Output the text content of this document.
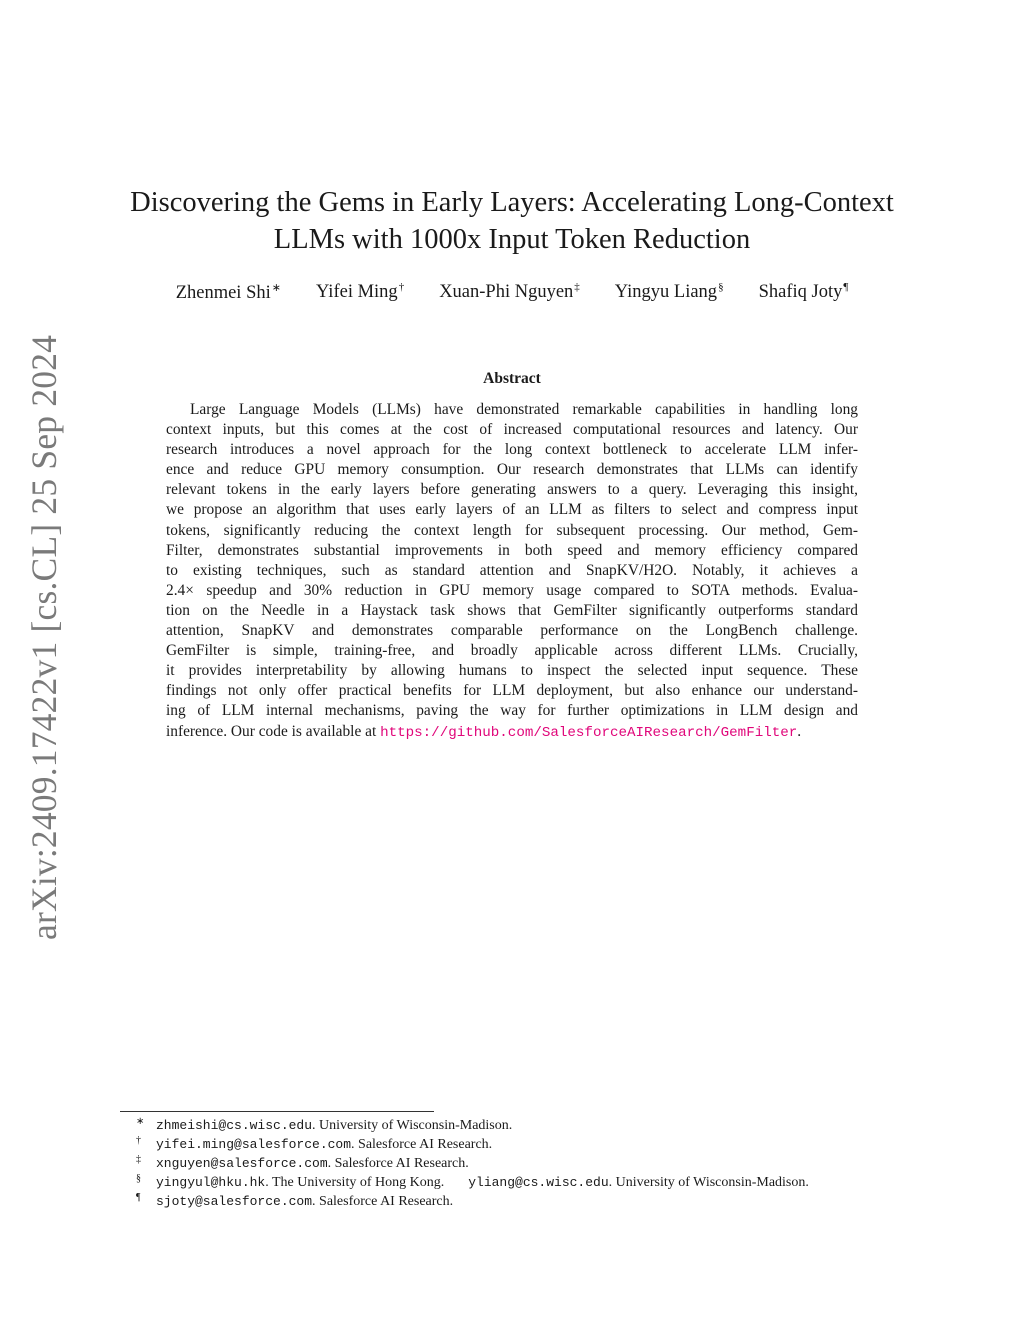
arXiv:2409.17422v1 [cs.CL] 25 Sep 2024
Discovering the Gems in Early Layers: Accelerating Long-Context
LLMs with 1000x Input Token Reduction
Zhenmei Shi∗ Yifei Ming† Xuan-Phi Nguyen‡ Yingyu Liang§ Shafiq Joty¶
Abstract
Large Language Models (LLMs) have demonstrated remarkable capabilities in handling long
context inputs, but this comes at the cost of increased computational resources and latency. Our
research introduces a novel approach for the long context bottleneck to accelerate LLM infer-
ence and reduce GPU memory consumption. Our research demonstrates that LLMs can identify
relevant tokens in the early layers before generating answers to a query. Leveraging this insight,
we propose an algorithm that uses early layers of an LLM as filters to select and compress input
tokens, significantly reducing the context length for subsequent processing. Our method, Gem-
Filter, demonstrates substantial improvements in both speed and memory efficiency compared
to existing techniques, such as standard attention and SnapKV/H2O. Notably, it achieves a
2.4× speedup and 30% reduction in GPU memory usage compared to SOTA methods. Evalua-
tion on the Needle in a Haystack task shows that GemFilter significantly outperforms standard
attention, SnapKV and demonstrates comparable performance on the LongBench challenge.
GemFilter is simple, training-free, and broadly applicable across different LLMs. Crucially,
it provides interpretability by allowing humans to inspect the selected input sequence. These
findings not only offer practical benefits for LLM deployment, but also enhance our understand-
ing of LLM internal mechanisms, paving the way for further optimizations in LLM design and
inference. Our code is available at https://github.com/SalesforceAIResearch/GemFilter.
∗ zhmeishi@cs.wisc.edu. University of Wisconsin-Madison.
† yifei.ming@salesforce.com. Salesforce AI Research.
‡ xnguyen@salesforce.com. Salesforce AI Research.
§ yingyul@hku.hk. The University of Hong Kong. yliang@cs.wisc.edu. University of Wisconsin-Madison.
¶ sjoty@salesforce.com. Salesforce AI Research.
